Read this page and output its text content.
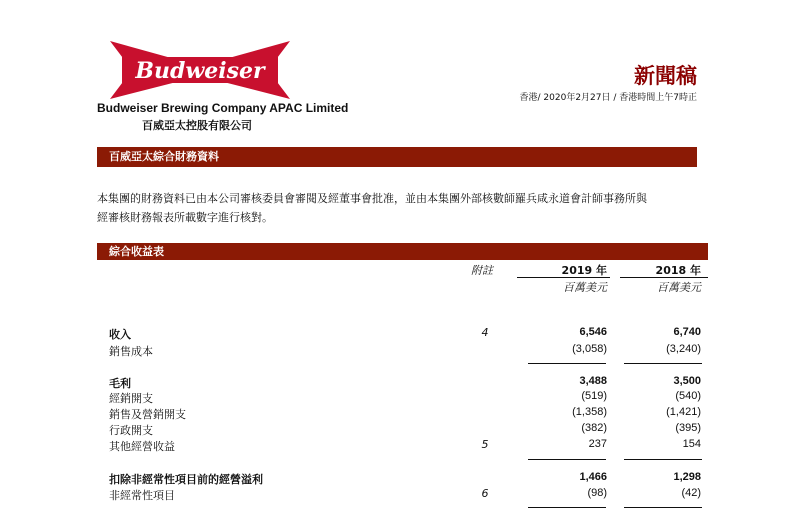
Budweiser
Budweiser Brewing Company APAC Limited
百威亞太控股有限公司
新聞稿
香港/ 2020年2月27日 / 香港時間上午7時正
百威亞太綜合財務資料
本集團的財務資料已由本公司審核委員會審閱及經董事會批准，並由本集團外部核數師羅兵咸永道會計師事務所與
經審核財務報表所載數字進行核對。
綜合收益表
附註	2019 年	2018 年
百萬美元	百萬美元
收入	4	6,546	6,740
銷售成本	(3,058)	(3,240)
毛利	3,488	3,500
經銷開支	(519)	(540)
銷售及營銷開支	(1,358)	(1,421)
行政開支	(382)	(395)
其他經營收益	5	237	154
扣除非經常性項目前的經營溢利	1,466	1,298
非經常性項目	6	(98)	(42)
